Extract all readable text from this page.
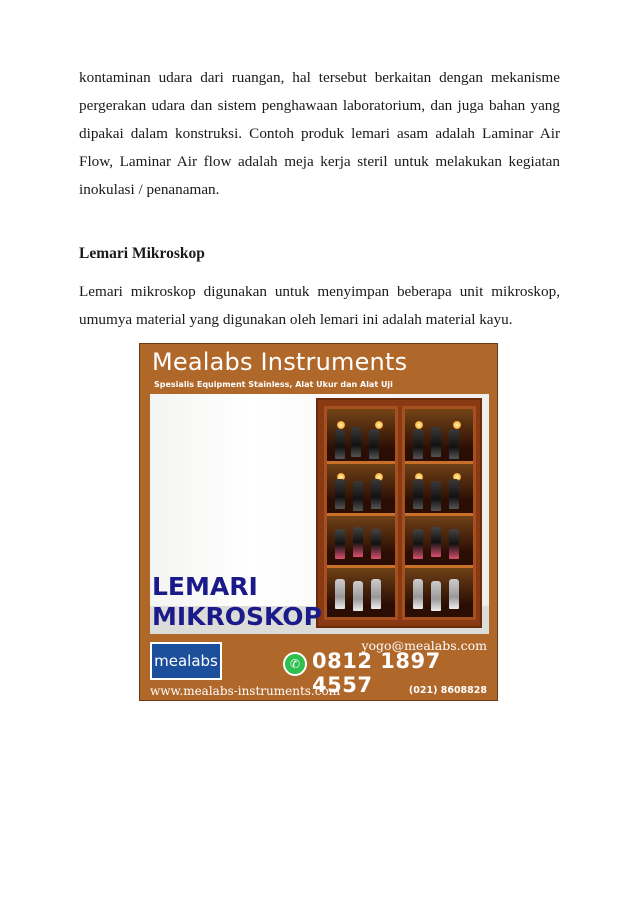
kontaminan udara dari ruangan, hal tersebut berkaitan dengan mekanisme pergerakan udara dan sistem penghawaan laboratorium, dan juga bahan yang dipakai dalam konstruksi. Contoh produk lemari asam adalah Laminar Air Flow, Laminar Air flow adalah meja kerja steril untuk melakukan kegiatan inokulasi / penanaman.

Lemari Mikroskop

Lemari mikroskop digunakan untuk menyimpan beberapa unit mikroskop, umumya material yang digunakan oleh lemari ini adalah material kayu.

Mealabs Instruments
Spesialis Equipment Stainless, Alat Ukur dan Alat Uji
LEMARI
MIKROSKOP
yogo@mealabs.com
mealabs	✆ 0812 1897 4557
www.mealabs-instruments.com	(021) 8608828
